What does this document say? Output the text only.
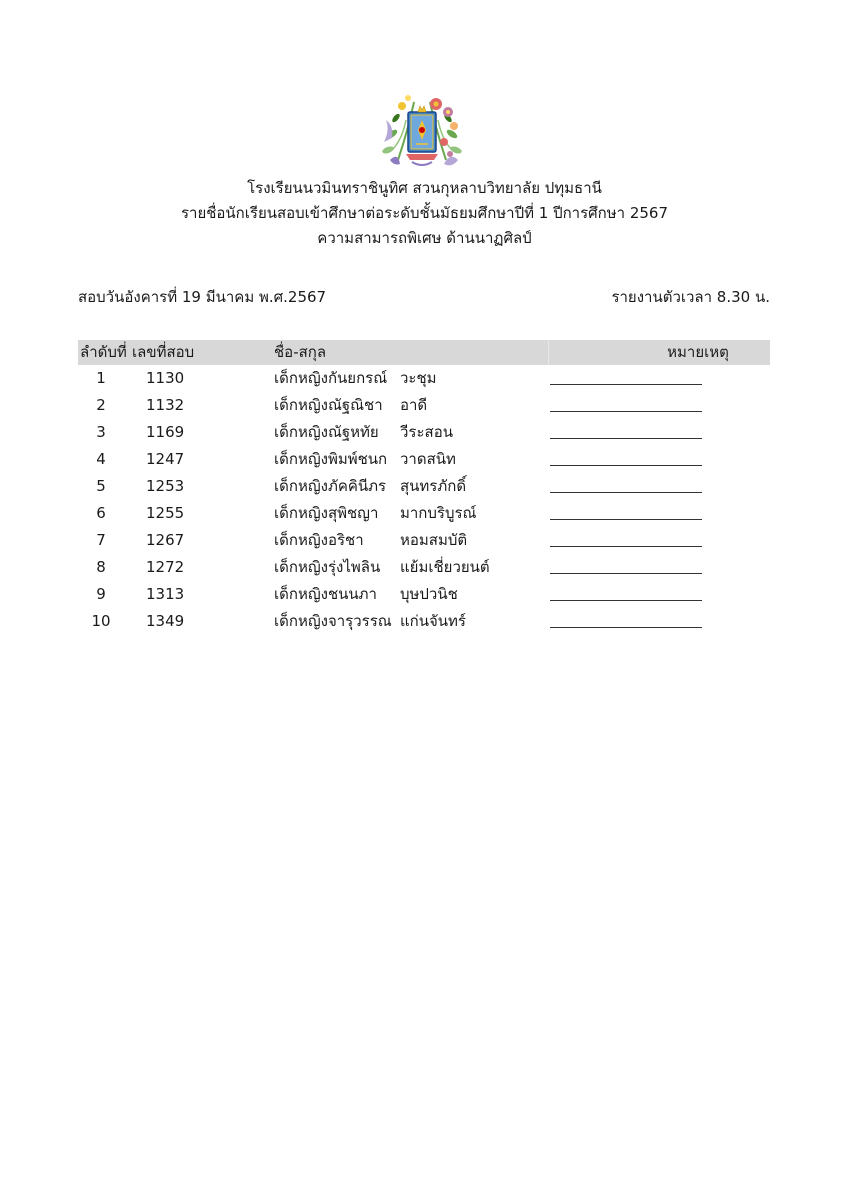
โรงเรียนนวมินทราชินูทิศ สวนกุหลาบวิทยาลัย ปทุมธานี
รายชื่อนักเรียนสอบเข้าศึกษาต่อระดับชั้นมัธยมศึกษาปีที่ 1 ปีการศึกษา 2567
ความสามารถพิเศษ ด้านนาฏศิลป์
สอบวันอังคารที่ 19 มีนาคม พ.ศ.2567	รายงานตัวเวลา 8.30 น.
ลำดับที่ เลขที่สอบ	ชื่อ-สกุล	หมายเหตุ
1	1130	เด็กหญิงกันยกรณ์ วะชุม
2	1132	เด็กหญิงณัฐณิชา อาดี
3	1169	เด็กหญิงณัฐหทัย วีระสอน
4	1247	เด็กหญิงพิมพ์ชนก วาดสนิท
5	1253	เด็กหญิงภัคคินีภร สุนทรภักดิ์
6	1255	เด็กหญิงสุพิชญา มากบริบูรณ์
7	1267	เด็กหญิงอริชา หอมสมบัติ
8	1272	เด็กหญิงรุ่งไพลิน แย้มเชี่ยวยนต์
9	1313	เด็กหญิงชนนภา บุษปวนิช
10	1349	เด็กหญิงจารุวรรณ แก่นจันทร์
